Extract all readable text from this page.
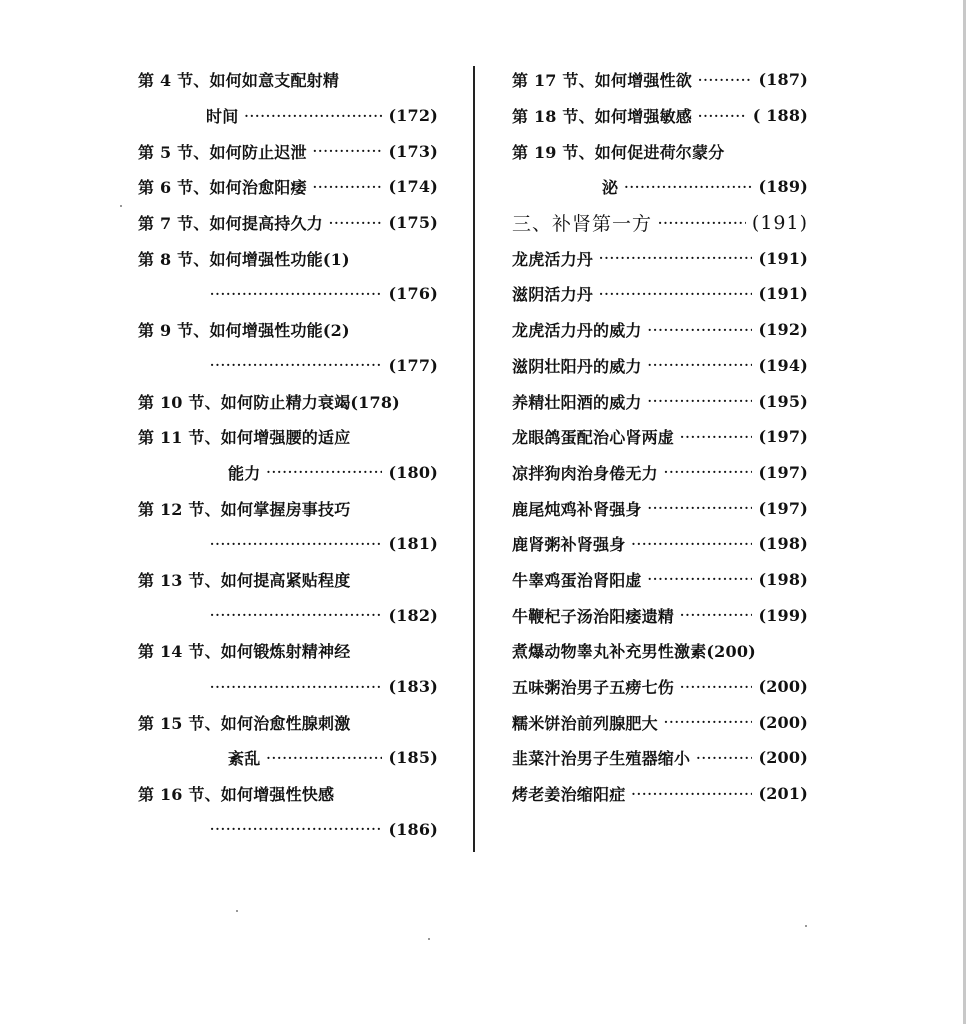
第 4 节、如何如意支配射精
时间 ·····	(172)
第 5 节、如何防止迟泄 ·····	(173)
第 6 节、如何治愈阳痿 ·····	(174)
第 7 节、如何提高持久力 ·····	(175)
第 8 节、如何增强性功能(1)
·····
(176)
第 9 节、如何增强性功能(2)
·····
(177)
第 10 节、如何防止精力衰竭(178)
第 11 节、如何增强腰的适应
能力 ·····	(180)
第 12 节、如何掌握房事技巧
·····
(181)
第 13 节、如何提高紧贴程度
·····
(182)
第 14 节、如何锻炼射精神经
·····
(183)
第 15 节、如何治愈性腺刺激
紊乱 ·····	(185)
第 16 节、如何增强性快感
·····
(186)
第 17 节、如何增强性欲 ·····	(187)
第 18 节、如何增强敏感 ·····	( 188)
第 19 节、如何促进荷尔蒙分
泌 ·····	(189)
三、补肾第一方 ·····	(191)
龙虎活力丹 ·····	(191)
滋阴活力丹 ·····	(191)
龙虎活力丹的威力 ·····	(192)
滋阴壮阳丹的威力 ·····	(194)
养精壮阳酒的威力 ·····	(195)
龙眼鸽蛋配治心肾两虚 ·····	(197)
凉拌狗肉治身倦无力 ·····	(197)
鹿尾炖鸡补肾强身 ·····	(197)
鹿肾粥补肾强身 ·····	(198)
牛睾鸡蛋治肾阳虚 ·····	(198)
牛鞭杞子汤治阳痿遗精 ·····	(199)
煮爆动物睾丸补充男性激素(200)
五味粥治男子五痨七伤 ·····	(200)
糯米饼治前列腺肥大 ·····	(200)
韭菜汁治男子生殖器缩小 ·····	(200)
烤老姜治缩阳症 ·····	(201)
